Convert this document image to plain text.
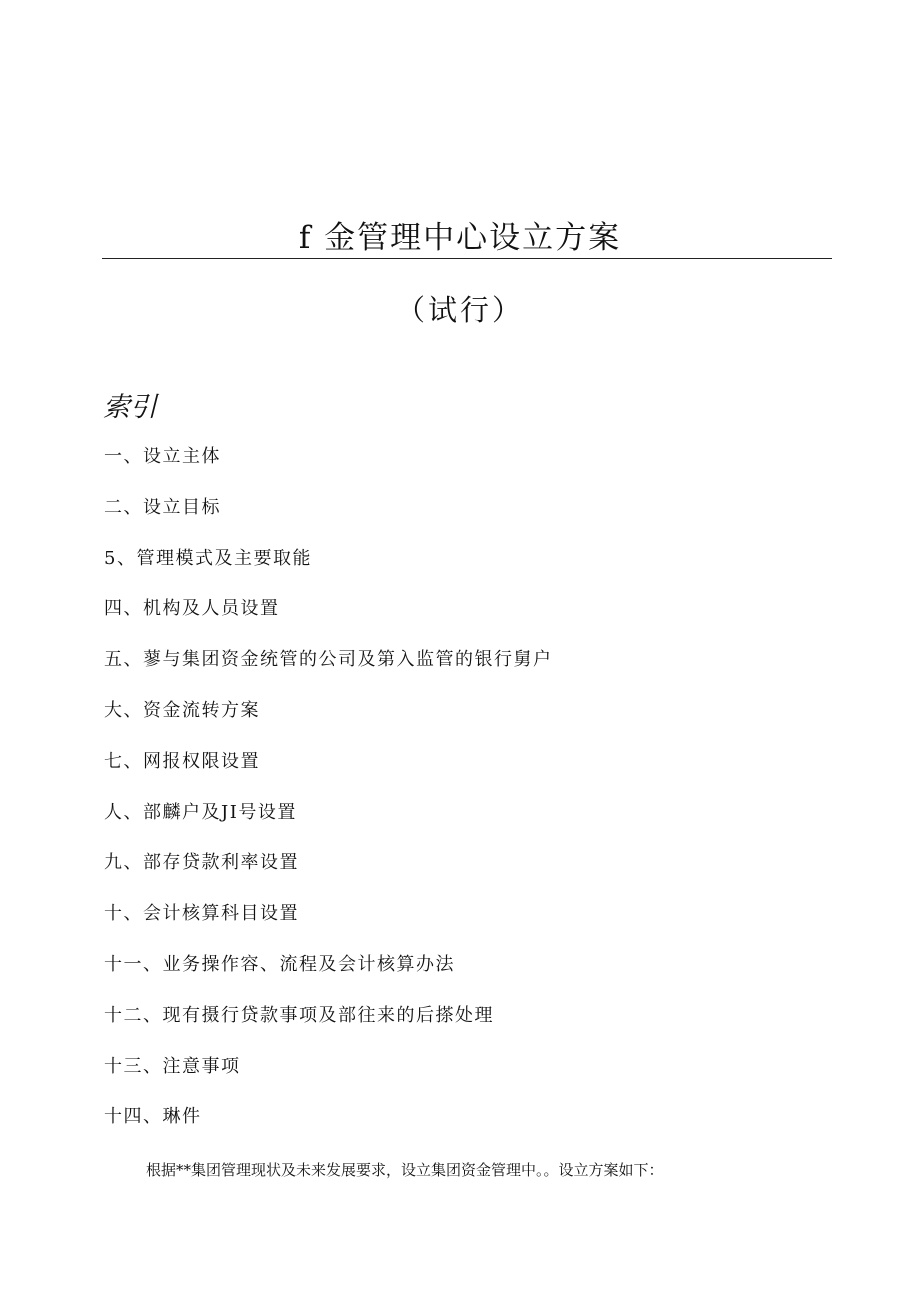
f 金管理中心设立方案
（试行）
索引
一、设立主体
二、设立目标
5、管理模式及主要取能
四、机构及人员设置
五、蓼与集团资金统管的公司及第入监管的银行舅户
大、资金流转方案
七、网报权限设置
人、部麟户及JI号设置
九、部存贷款利率设置
十、会计核算科目设置
十一、业务操作容、流程及会计核算办法
十二、现有摄行贷款事项及部往来的后搽处理
十三、注意事项
十四、琳件
根据**集团管理现状及未来发展要求，设立集团资金管理中。。设立方案如下：
